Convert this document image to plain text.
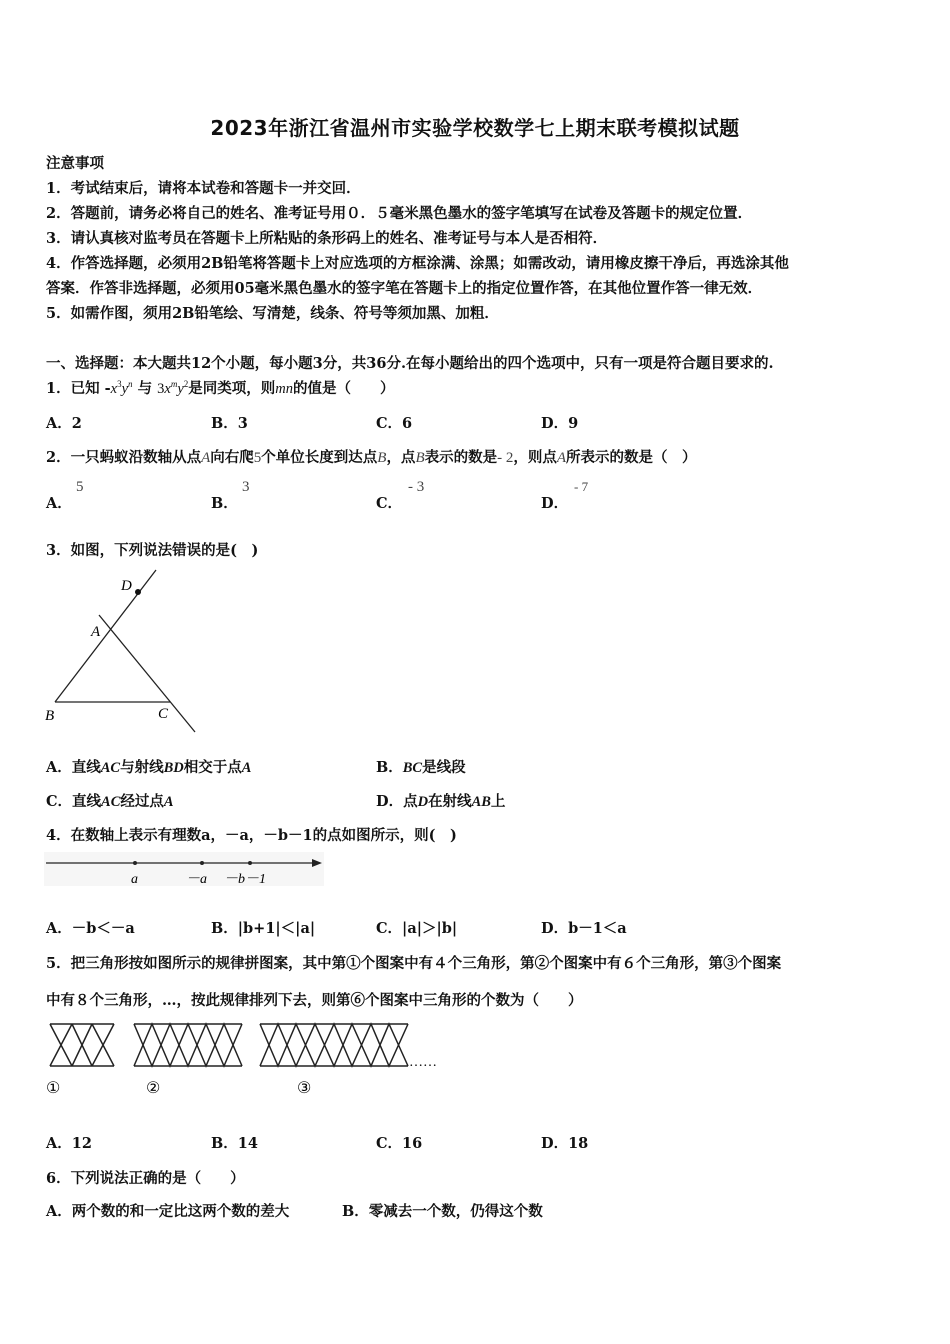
2023年浙江省温州市实验学校数学七上期末联考模拟试题
注意事项
1．考试结束后，请将本试卷和答题卡一并交回．
2．答题前，请务必将自己的姓名、准考证号用０．５毫米黑色墨水的签字笔填写在试卷及答题卡的规定位置．
3．请认真核对监考员在答题卡上所粘贴的条形码上的姓名、准考证号与本人是否相符．
4．作答选择题，必须用2B铅笔将答题卡上对应选项的方框涂满、涂黑；如需改动，请用橡皮擦干净后，再选涂其他
答案．作答非选择题，必须用05毫米黑色墨水的签字笔在答题卡上的指定位置作答，在其他位置作答一律无效．
5．如需作图，须用2B铅笔绘、写清楚，线条、符号等须加黑、加粗．
一、选择题：本大题共12个小题，每小题3分，共36分.在每小题给出的四个选项中，只有一项是符合题目要求的.
1．已知 $-x^3y^n$ 与 $3x^my^2$是同类项，则mn的值是（　　）
A．2	B．3	C．6	D．9
2．一只蚂蚁沿数轴从点A向右爬5个单位长度到达点B，点B表示的数是- 2，则点A所表示的数是（　）
A．
5
B．
3
C．
- 3
D．
- 7
3．如图，下列说法错误的是(　)
D
A
B	C
A．直线AC与射线BD相交于点A	B．BC是线段
C．直线AC经过点A	D．点D在射线AB上
4．在数轴上表示有理数a，－a，－b－1的点如图所示，则(　)
a	－a －b－1
A．－b＜－a	B．|b+1|＜|a|	C．|a|＞|b|	D．b－1＜a
5．把三角形按如图所示的规律拼图案，其中第①个图案中有４个三角形，第②个图案中有６个三角形，第③个图案
中有８个三角形，…，按此规律排列下去，则第⑥个图案中三角形的个数为（　　）
……
①	②	③
A．12	B．14	C．16	D．18
6．下列说法正确的是（　　）
A．两个数的和一定比这两个数的差大	B．零减去一个数，仍得这个数
